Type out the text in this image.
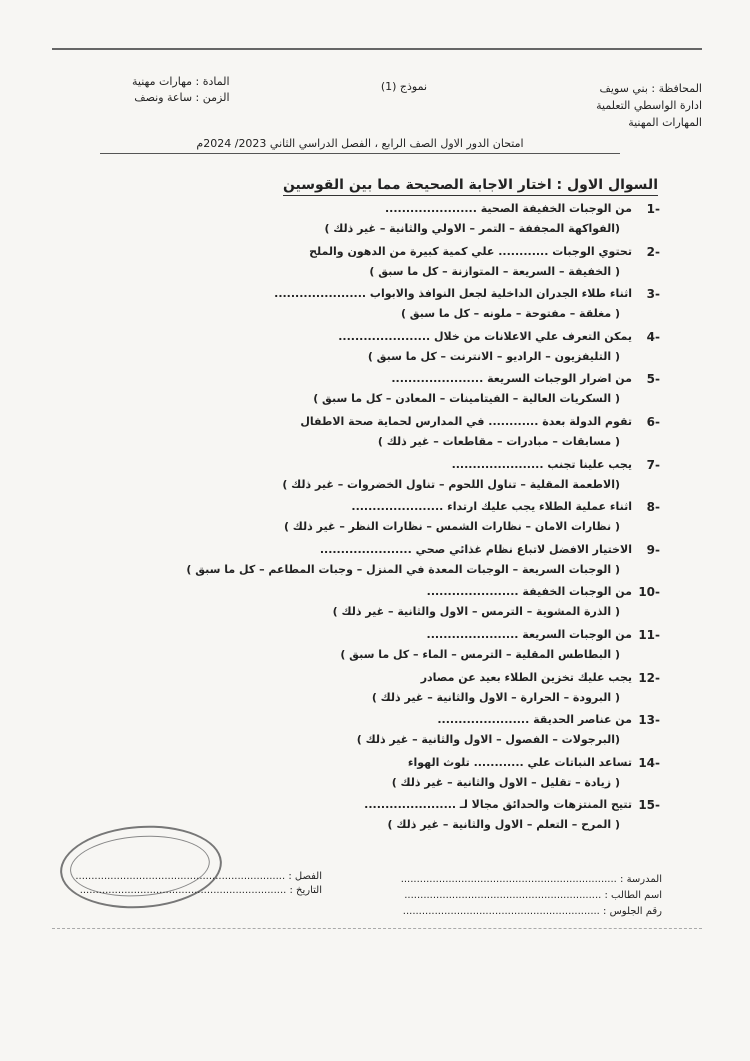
المحافظة : بني سويف
ادارة الواسطي التعلمية
المهارات المهنية
نموذج (1)
المادة : مهارات مهنية
الزمن : ساعة ونصف
امتحان الدور الاول الصف الرابع ، الفصل الدراسي الثاني 2023/ 2024م
السوال الاول : اختار الاجابة الصحيحة مما بين القوسين
-1
من الوجبات الخفيفة الصحية ......................
(الفواكهة المجففة – التمر – الاولي والثانية – غير ذلك )
-2
تحتوي الوجبات ............ علي كمية كبيرة من الدهون والملح
( الخفيفة – السريعة – المتوازنة – كل ما سبق )
-3
اثناء طلاء الجدران الداخلية لجعل النوافذ والابواب ......................
( مغلقة – مفتوحة – ملونه – كل ما سبق )
-4
يمكن التعرف علي الاعلانات من خلال ......................
( التليفزيون – الراديو – الانترنت – كل ما سبق )
-5
من اضرار الوجبات السريعة ......................
( السكريات العالية – الفيتامينات – المعادن – كل ما سبق )
-6
تقوم الدولة بعدة ............ في المدارس لحماية صحة الاطفال
( مسابقات – مبادرات – مقاطعات – غير ذلك )
-7
يجب علينا تجنب ......................
(الاطعمة المقلية – تناول اللحوم – تناول الخضروات – غير ذلك )
-8
اثناء عملية الطلاء يجب عليك ارتداء ......................
( نظارات الامان – نظارات الشمس – نظارات النظر – غير ذلك )
-9
الاختيار الافضل لاتباع نظام غذائي صحي ......................
( الوجبات السريعة – الوجبات المعدة في المنزل – وجبات المطاعم – كل ما سبق )
-10
من الوجبات الخفيفة ......................
( الذرة المشوية – الترمس – الاول والثانية – غير ذلك )
-11
من الوجبات السريعة ......................
( البطاطس المقلية – الترمس – الماء – كل ما سبق )
-12
يجب عليك تخزين الطلاء بعيد عن مصادر
( البرودة – الحرارة – الاول والثانية – غير ذلك )
-13
من عناصر الحديقة ......................
(البرجولات – الفصول – الاول والثانية – غير ذلك )
-14
تساعد النباتات علي ............ تلوث الهواء
( زيادة – تقليل – الاول والثانية – غير ذلك )
-15
تتيح المنتزهات والحدائق مجالا لـ ......................
( المرح – التعلم – الاول والثانية – غير ذلك )
المدرسة : ....................................................................
اسم الطالب : ..............................................................
رقم الجلوس : ..............................................................
الفصل : ..................................................................
التاريخ : .................................................................
